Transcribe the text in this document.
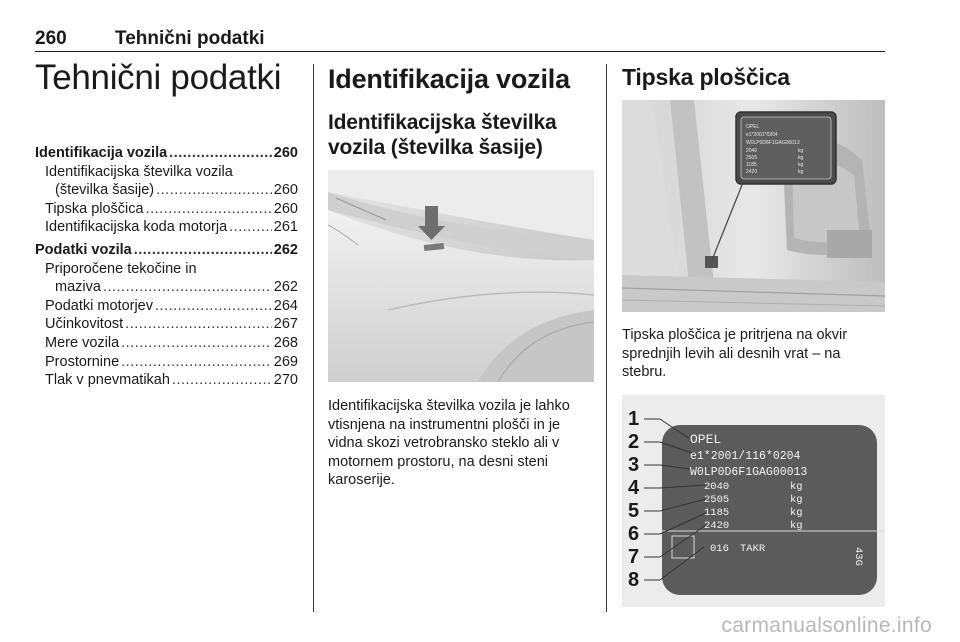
260	Tehnični podatki
Tehnični podatki
Identifikacija vozila .....	260
Identifikacijska številka vozila
(številka šasije) .....	260
Tipska ploščica .....	260
Identifikacijska koda motorja .....	261
Podatki vozila .....	262
Priporočene tekočine in
maziva .....	262
Podatki motorjev .....	264
Učinkovitost .....	267
Mere vozila .....	268
Prostornine .....	269
Tlak v pnevmatikah .....	270
Identifikacija vozila
Identifikacijska številka vozila (številka šasije)

Identifikacijska številka vozila je lahko vtisnjena na instrumentni plošči in je vidna skozi vetrobransko steklo ali v motornem prostoru, na desni steni karoserije.

Tipska ploščica
OPEL
e1*2001*0204
W0LP0D6F1GAG00013
2040	kg
2505	kg
1185	kg
2420	kg

Tipska ploščica je pritrjena na okvir sprednjih levih ali desnih vrat – na stebru.

OPEL
e1*2001/116*0204
W0LP0D6F1GAG00013
2040	kg
2505	kg
1185	kg
2420	kg
016 TAKR	43G
1
2
3
4
5
6
7
8
carmanualsonline.info
